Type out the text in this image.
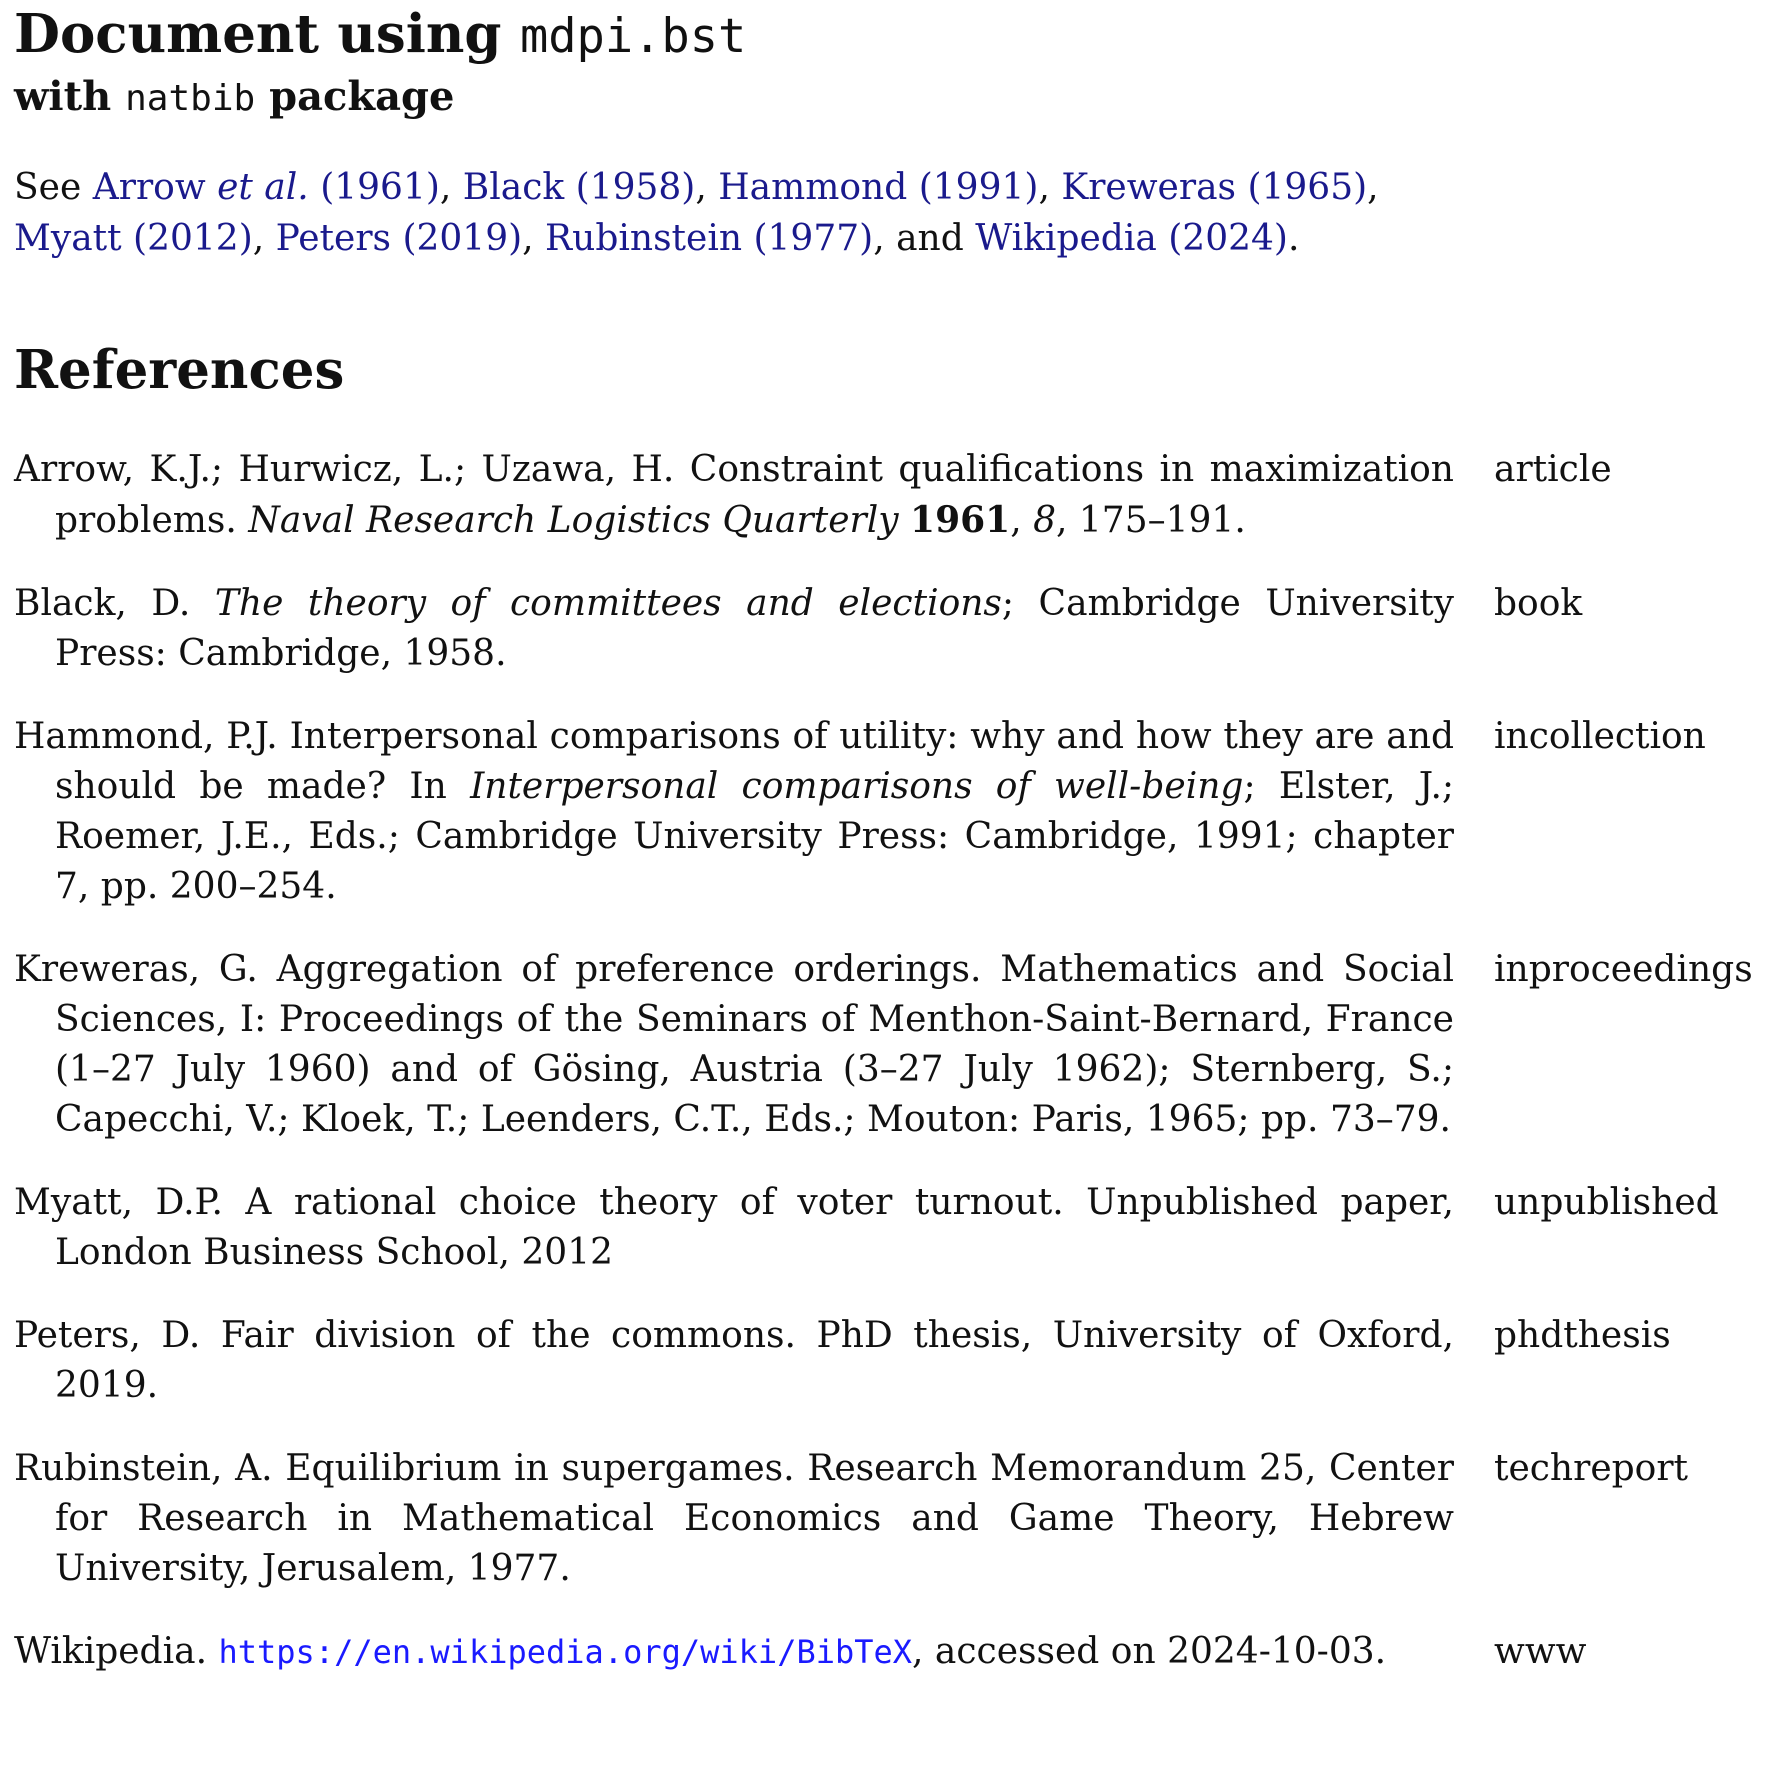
Document using mdpi.bst
with natbib package

See Arrow et al. (1961), Black (1958), Hammond (1991), Kreweras (1965), Myatt (2012), Peters (2019), Rubinstein (1977), and Wikipedia (2024).

References
Arrow, K.J.; Hurwicz, L.; Uzawa, H. Constraint qualifications in maximization problems. Naval Research Logistics Quarterly 1961, 8, 175–191.
article
Black, D. The theory of committees and elections; Cambridge University Press: Cambridge, 1958.
book
Hammond, P.J. Interpersonal comparisons of utility: why and how they are and should be made? In Interpersonal comparisons of well-being; Elster, J.; Roemer, J.E., Eds.; Cambridge University Press: Cambridge, 1991; chapter 7, pp. 200–254.
incollection
Kreweras, G. Aggregation of preference orderings. Mathematics and Social Sciences, I: Proceedings of the Seminars of Menthon-Saint-Bernard, France (1–27 July 1960) and of Gösing, Austria (3–27 July 1962); Sternberg, S.; Capecchi, V.; Kloek, T.; Leenders, C.T., Eds.; Mouton: Paris, 1965; pp. 73–79.
inproceedings
Myatt, D.P. A rational choice theory of voter turnout. Unpublished paper, London Business School, 2012
unpublished
Peters, D. Fair division of the commons. PhD thesis, University of Oxford, 2019.
phdthesis
Rubinstein, A. Equilibrium in supergames. Research Memorandum 25, Center for Research in Mathematical Economics and Game Theory, Hebrew University, Jerusalem, 1977.
techreport
Wikipedia. https://en.wikipedia.org/wiki/BibTeX, accessed on 2024-10-03.	www
